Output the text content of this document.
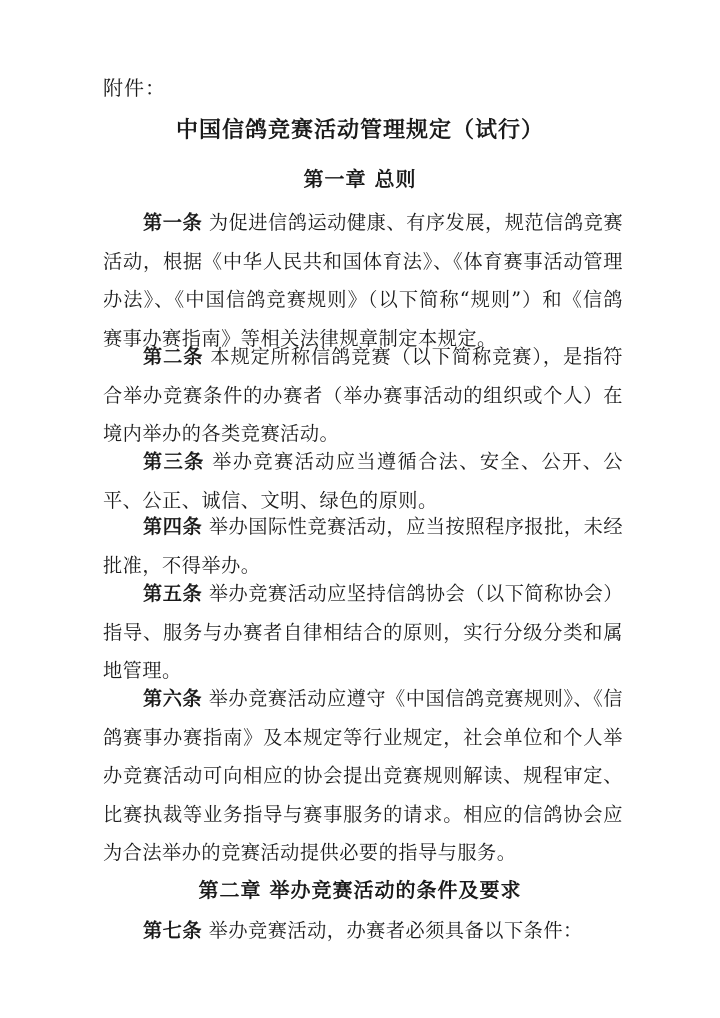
附件：
中国信鸽竞赛活动管理规定（试行）
第一章 总则

第一条 为促进信鸽运动健康、有序发展，规范信鸽竞赛活动，根据《中华人民共和国体育法》、《体育赛事活动管理办法》、《中国信鸽竞赛规则》（以下简称“规则”）和《信鸽赛事办赛指南》等相关法律规章制定本规定。

第二条 本规定所称信鸽竞赛（以下简称竞赛），是指符合举办竞赛条件的办赛者（举办赛事活动的组织或个人）在境内举办的各类竞赛活动。

第三条 举办竞赛活动应当遵循合法、安全、公开、公平、公正、诚信、文明、绿色的原则。

第四条 举办国际性竞赛活动，应当按照程序报批，未经批准，不得举办。

第五条 举办竞赛活动应坚持信鸽协会（以下简称协会）指导、服务与办赛者自律相结合的原则，实行分级分类和属地管理。

第六条 举办竞赛活动应遵守《中国信鸽竞赛规则》、《信鸽赛事办赛指南》及本规定等行业规定，社会单位和个人举办竞赛活动可向相应的协会提出竞赛规则解读、规程审定、比赛执裁等业务指导与赛事服务的请求。相应的信鸽协会应为合法举办的竞赛活动提供必要的指导与服务。

第二章 举办竞赛活动的条件及要求

第七条 举办竞赛活动，办赛者必须具备以下条件：
